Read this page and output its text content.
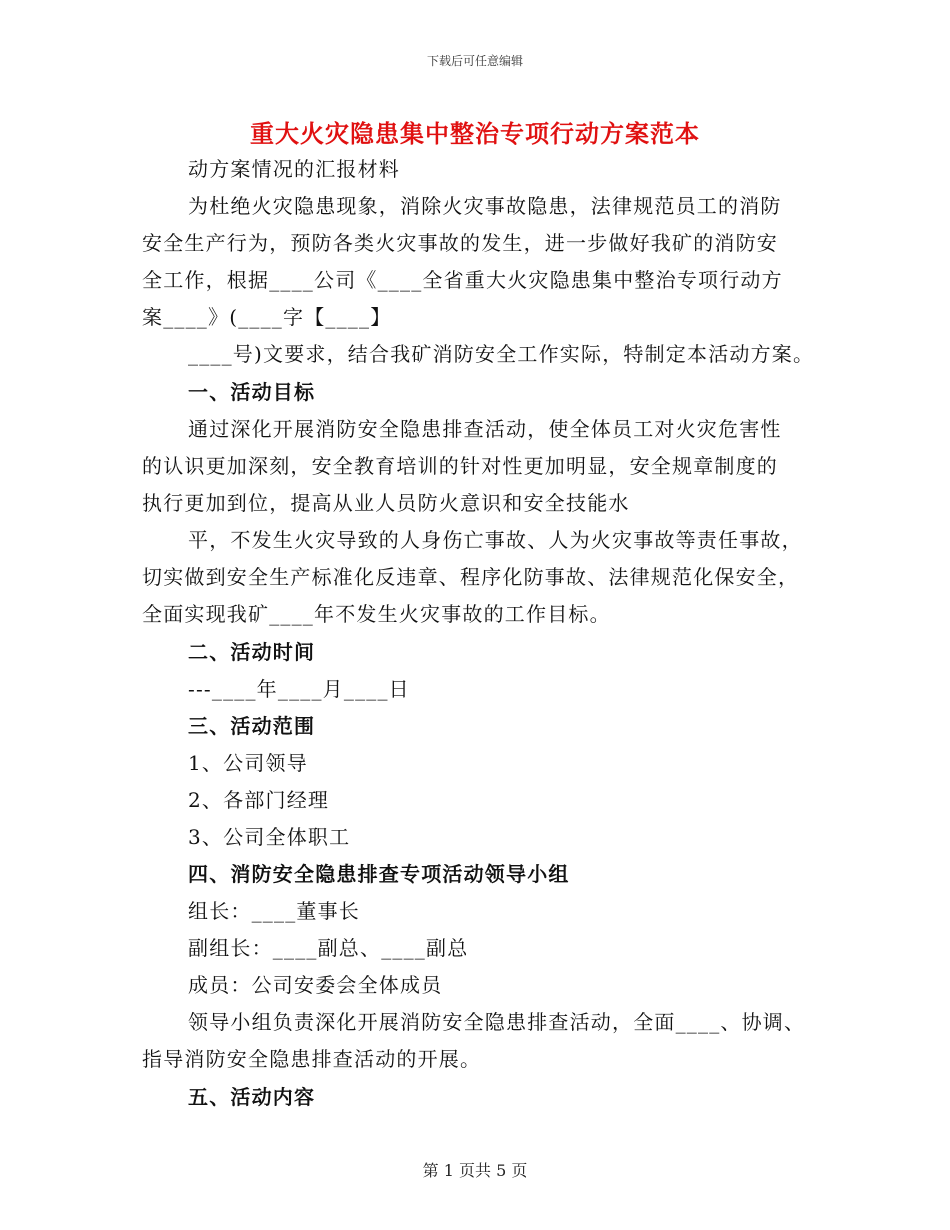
下载后可任意编辑
重大火灾隐患集中整治专项行动方案范本
动方案情况的汇报材料
为杜绝火灾隐患现象，消除火灾事故隐患，法律规范员工的消防
安全生产行为，预防各类火灾事故的发生，进一步做好我矿的消防安
全工作，根据____公司《____全省重大火灾隐患集中整治专项行动方
案____》(____字【____】
____号)文要求，结合我矿消防安全工作实际，特制定本活动方案。
一、活动目标
通过深化开展消防安全隐患排查活动，使全体员工对火灾危害性
的认识更加深刻，安全教育培训的针对性更加明显，安全规章制度的
执行更加到位，提高从业人员防火意识和安全技能水
平，不发生火灾导致的人身伤亡事故、人为火灾事故等责任事故，
切实做到安全生产标准化反违章、程序化防事故、法律规范化保安全，
全面实现我矿____年不发生火灾事故的工作目标。
二、活动时间
---____年____月____日
三、活动范围
1、公司领导
2、各部门经理
3、公司全体职工
四、消防安全隐患排查专项活动领导小组
组长：____董事长
副组长：____副总、____副总
成员：公司安委会全体成员
领导小组负责深化开展消防安全隐患排查活动，全面____、协调、
指导消防安全隐患排查活动的开展。
五、活动内容
第 1 页共 5 页
